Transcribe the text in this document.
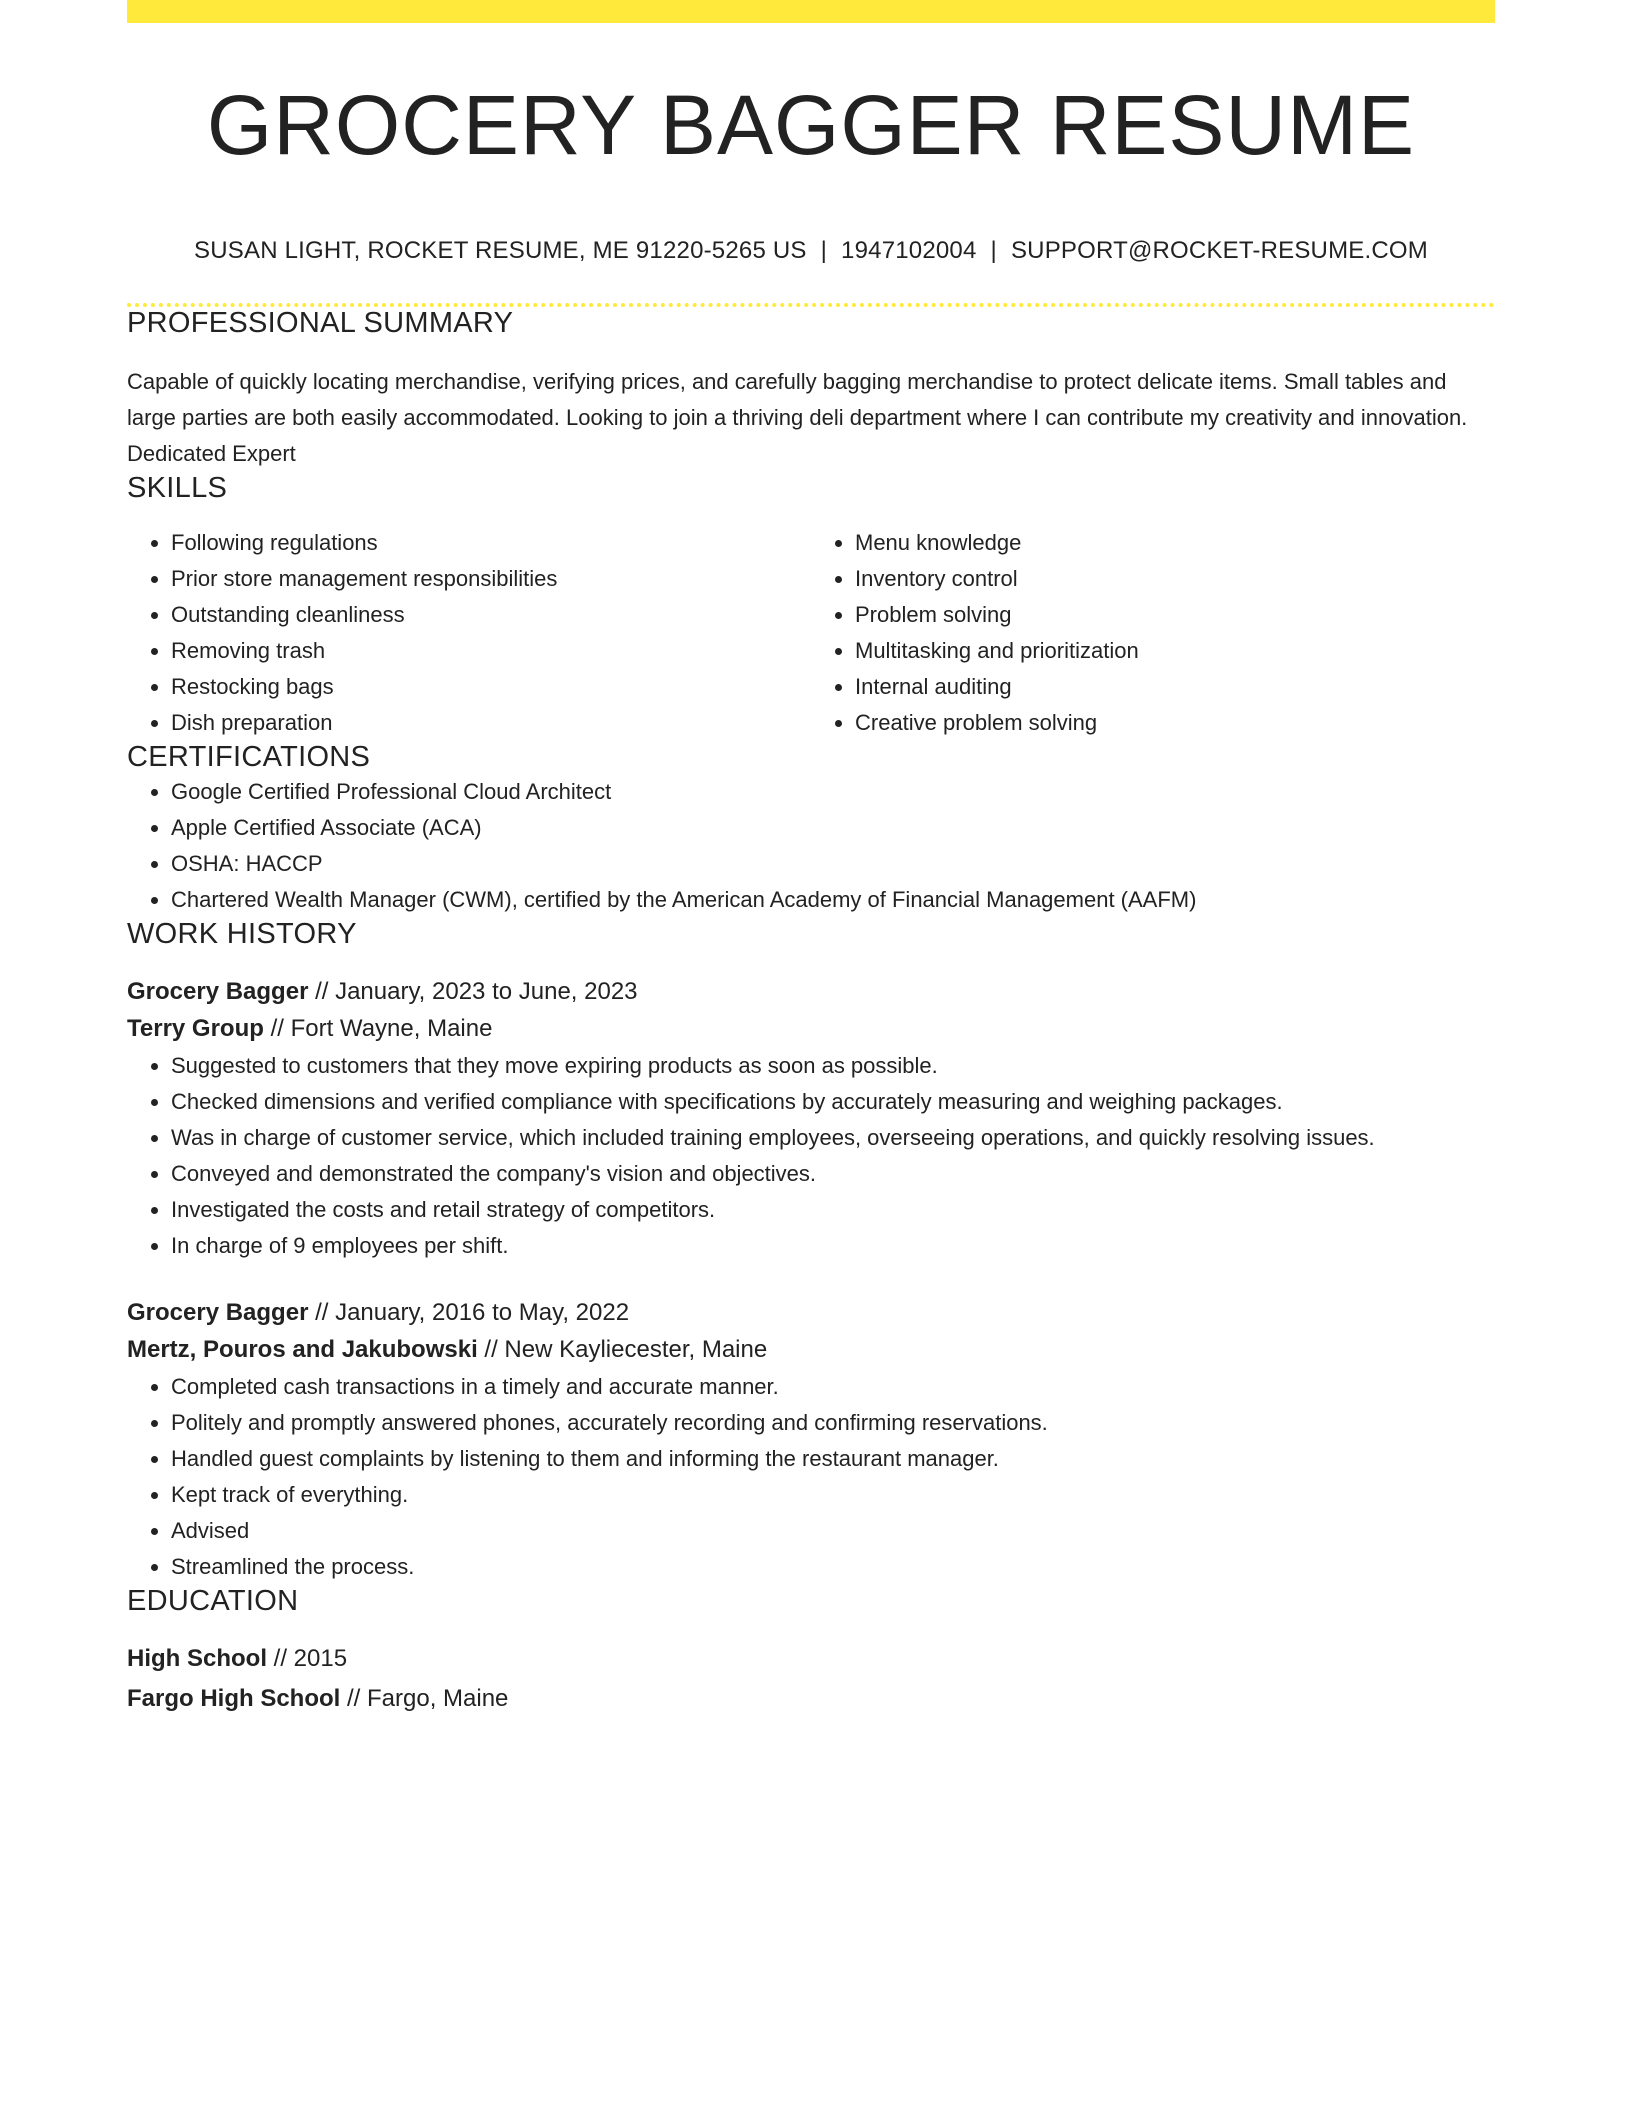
GROCERY BAGGER RESUME
SUSAN LIGHT, ROCKET RESUME, ME 91220-5265 US | 1947102004 | SUPPORT@ROCKET-RESUME.COM
PROFESSIONAL SUMMARY

Capable of quickly locating merchandise, verifying prices, and carefully bagging merchandise to protect delicate items. Small tables and large parties are both easily accommodated. Looking to join a thriving deli department where I can contribute my creativity and innovation. Dedicated Expert

SKILLS
• Following regulations
• Prior store management responsibilities
• Outstanding cleanliness
• Removing trash
• Restocking bags
• Dish preparation
• Menu knowledge
• Inventory control
• Problem solving
• Multitasking and prioritization
• Internal auditing
• Creative problem solving
CERTIFICATIONS
• Google Certified Professional Cloud Architect
• Apple Certified Associate (ACA)
• OSHA: HACCP
• Chartered Wealth Manager (CWM), certified by the American Academy of Financial Management (AAFM)
WORK HISTORY
Grocery Bagger // January, 2023 to June, 2023
Terry Group // Fort Wayne, Maine
• Suggested to customers that they move expiring products as soon as possible.
• Checked dimensions and verified compliance with specifications by accurately measuring and weighing packages.
• Was in charge of customer service, which included training employees, overseeing operations, and quickly resolving issues.
• Conveyed and demonstrated the company's vision and objectives.
• Investigated the costs and retail strategy of competitors.
• In charge of 9 employees per shift.
Grocery Bagger // January, 2016 to May, 2022
Mertz, Pouros and Jakubowski // New Kayliecester, Maine
• Completed cash transactions in a timely and accurate manner.
• Politely and promptly answered phones, accurately recording and confirming reservations.
• Handled guest complaints by listening to them and informing the restaurant manager.
• Kept track of everything.
• Advised
• Streamlined the process.
EDUCATION
High School // 2015
Fargo High School // Fargo, Maine
